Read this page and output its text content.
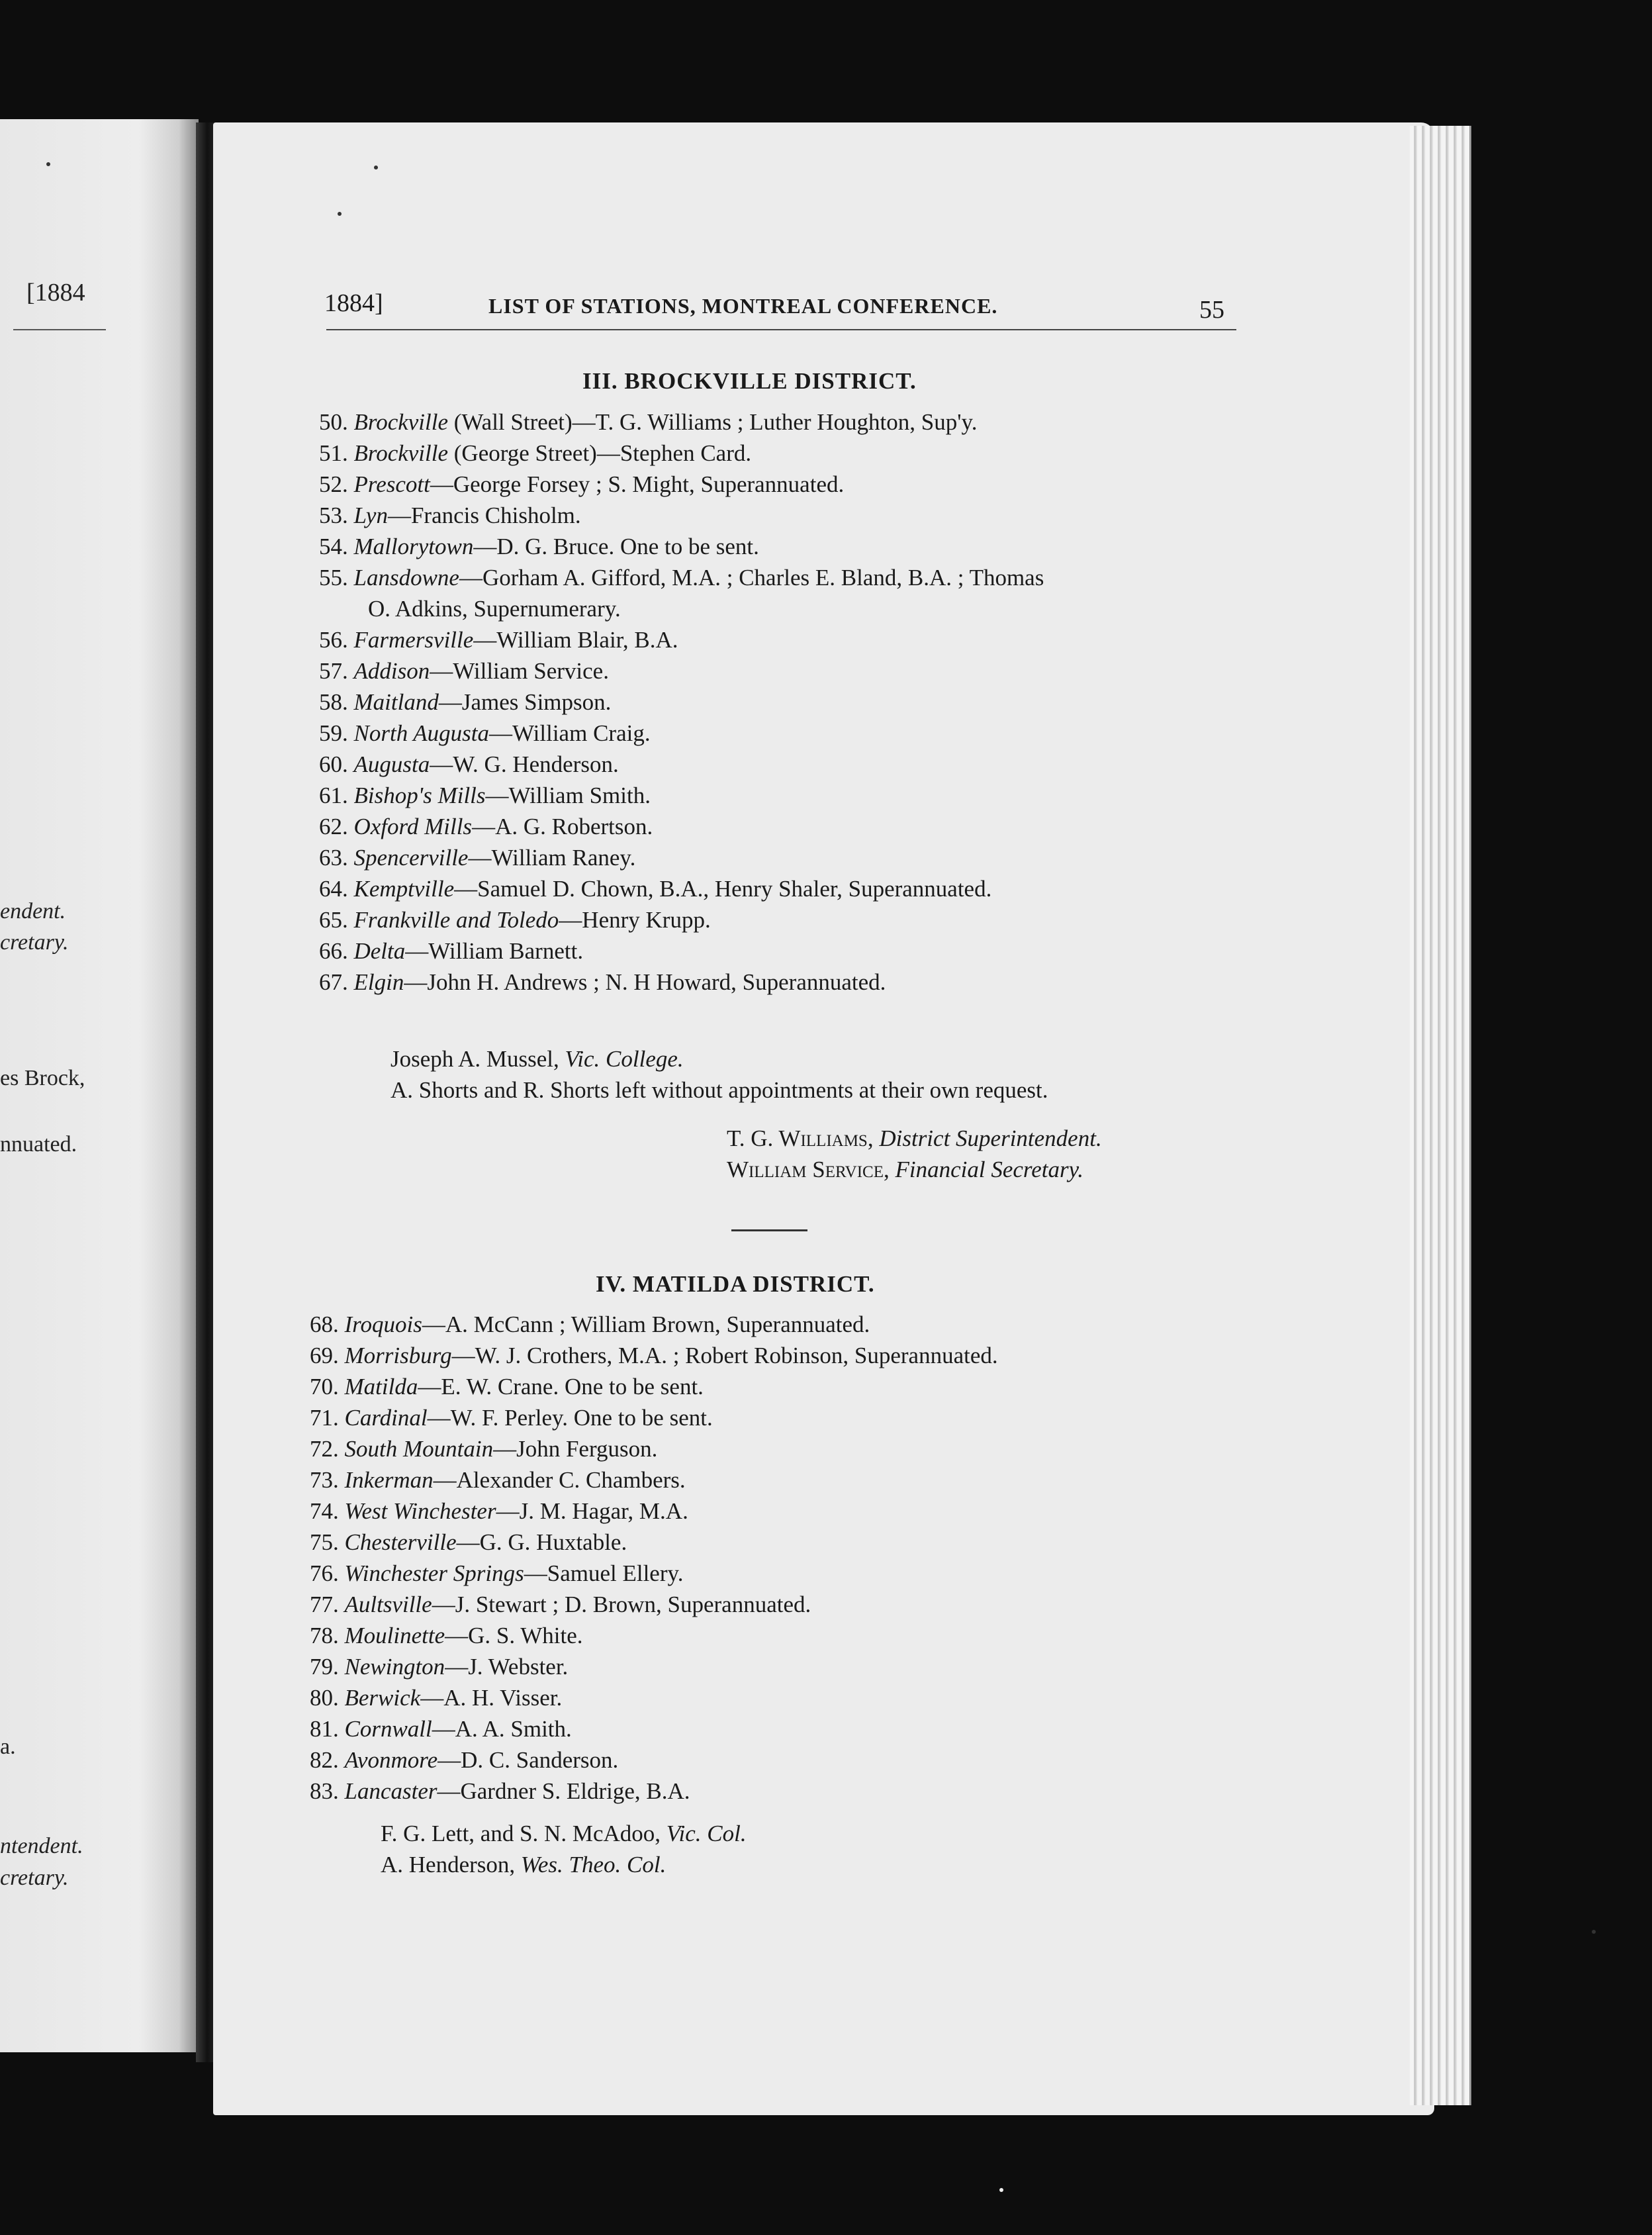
[1884
endent.
cretary.
es Brock,
nnuated.
a.
ntendent.
cretary.
1884]	LIST OF STATIONS, MONTREAL CONFERENCE.	55
III. BROCKVILLE DISTRICT.
50. Brockville (Wall Street)—T. G. Williams ; Luther Houghton, Sup'y.
51. Brockville (George Street)—Stephen Card.
52. Prescott—George Forsey ; S. Might, Superannuated.
53. Lyn—Francis Chisholm.
54. Mallorytown—D. G. Bruce. One to be sent.
55. Lansdowne—Gorham A. Gifford, M.A. ; Charles E. Bland, B.A. ; Thomas
O. Adkins, Supernumerary.
56. Farmersville—William Blair, B.A.
57. Addison—William Service.
58. Maitland—James Simpson.
59. North Augusta—William Craig.
60. Augusta—W. G. Henderson.
61. Bishop's Mills—William Smith.
62. Oxford Mills—A. G. Robertson.
63. Spencerville—William Raney.
64. Kemptville—Samuel D. Chown, B.A., Henry Shaler, Superannuated.
65. Frankville and Toledo—Henry Krupp.
66. Delta—William Barnett.
67. Elgin—John H. Andrews ; N. H Howard, Superannuated.
Joseph A. Mussel, Vic. College.
A. Shorts and R. Shorts left without appointments at their own request.
T. G. Williams, District Superintendent.
William Service, Financial Secretary.
IV. MATILDA DISTRICT.
68. Iroquois—A. McCann ; William Brown, Superannuated.
69. Morrisburg—W. J. Crothers, M.A. ; Robert Robinson, Superannuated.
70. Matilda—E. W. Crane. One to be sent.
71. Cardinal—W. F. Perley. One to be sent.
72. South Mountain—John Ferguson.
73. Inkerman—Alexander C. Chambers.
74. West Winchester—J. M. Hagar, M.A.
75. Chesterville—G. G. Huxtable.
76. Winchester Springs—Samuel Ellery.
77. Aultsville—J. Stewart ; D. Brown, Superannuated.
78. Moulinette—G. S. White.
79. Newington—J. Webster.
80. Berwick—A. H. Visser.
81. Cornwall—A. A. Smith.
82. Avonmore—D. C. Sanderson.
83. Lancaster—Gardner S. Eldrige, B.A.
F. G. Lett, and S. N. McAdoo, Vic. Col.
A. Henderson, Wes. Theo. Col.
